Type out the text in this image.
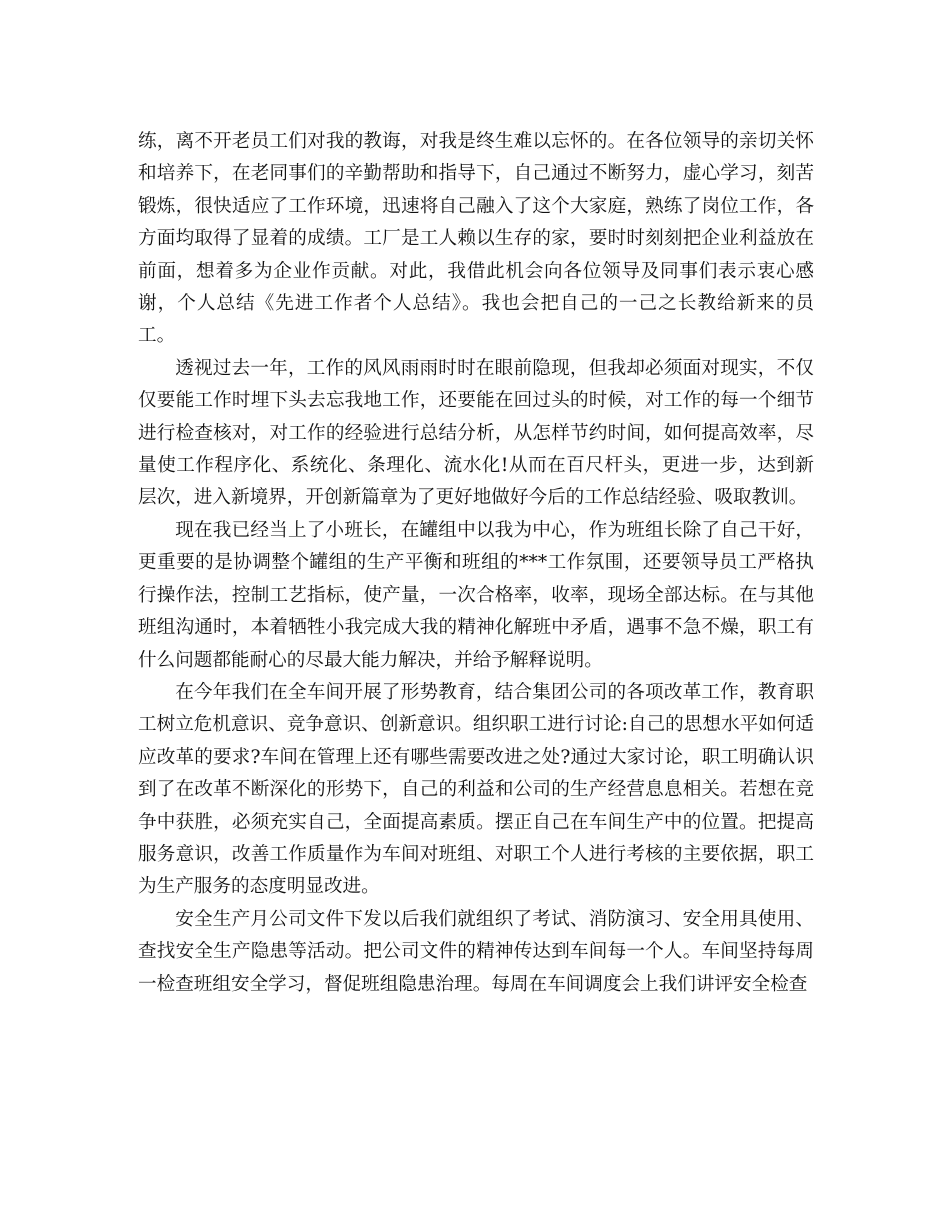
练，离不开老员工们对我的教诲，对我是终生难以忘怀的。在各位领导的亲切关怀和培养下，在老同事们的辛勤帮助和指导下，自己通过不断努力，虚心学习，刻苦锻炼，很快适应了工作环境，迅速将自己融入了这个大家庭，熟练了岗位工作，各方面均取得了显着的成绩。工厂是工人赖以生存的家，要时时刻刻把企业利益放在前面，想着多为企业作贡献。对此，我借此机会向各位领导及同事们表示衷心感谢，个人总结《先进工作者个人总结》。我也会把自己的一己之长教给新来的员工。

透视过去一年，工作的风风雨雨时时在眼前隐现，但我却必须面对现实，不仅仅要能工作时埋下头去忘我地工作，还要能在回过头的时候，对工作的每一个细节进行检查核对，对工作的经验进行总结分析，从怎样节约时间，如何提高效率，尽量使工作程序化、系统化、条理化、流水化!从而在百尺杆头，更进一步，达到新层次，进入新境界，开创新篇章为了更好地做好今后的工作总结经验、吸取教训。

现在我已经当上了小班长，在罐组中以我为中心，作为班组长除了自己干好，更重要的是协调整个罐组的生产平衡和班组的***工作氛围，还要领导员工严格执行操作法，控制工艺指标，使产量，一次合格率，收率，现场全部达标。在与其他班组沟通时，本着牺牲小我完成大我的精神化解班中矛盾，遇事不急不燥，职工有什么问题都能耐心的尽最大能力解决，并给予解释说明。

在今年我们在全车间开展了形势教育，结合集团公司的各项改革工作，教育职工树立危机意识、竞争意识、创新意识。组织职工进行讨论:自己的思想水平如何适应改革的要求?车间在管理上还有哪些需要改进之处?通过大家讨论，职工明确认识到了在改革不断深化的形势下，自己的利益和公司的生产经营息息相关。若想在竞争中获胜，必须充实自己，全面提高素质。摆正自己在车间生产中的位置。把提高服务意识，改善工作质量作为车间对班组、对职工个人进行考核的主要依据，职工为生产服务的态度明显改进。

安全生产月公司文件下发以后我们就组织了考试、消防演习、安全用具使用、查找安全生产隐患等活动。把公司文件的精神传达到车间每一个人。车间坚持每周一检查班组安全学习，督促班组隐患治理。每周在车间调度会上我们讲评安全检查
